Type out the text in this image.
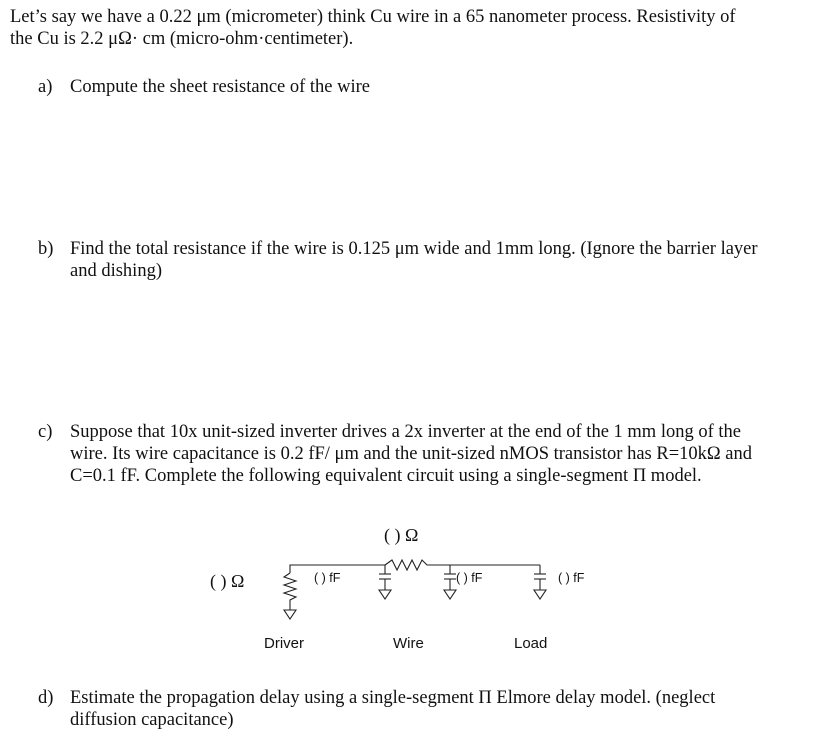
Let’s say we have a 0.22 μm (micrometer) think Cu wire in a 65 nanometer process. Resistivity of
the Cu is 2.2 μΩ· cm (micro-ohm·centimeter).
a) Compute the sheet resistance of the wire
b) Find the total resistance if the wire is 0.125 μm wide and 1mm long. (Ignore the barrier layer
and dishing)
c) Suppose that 10x unit-sized inverter drives a 2x inverter at the end of the 1 mm long of the
wire. Its wire capacitance is 0.2 fF/ μm and the unit-sized nMOS transistor has R=10kΩ and
C=0.1 fF. Complete the following equivalent circuit using a single-segment Π model.
( ) Ω
( ) Ω	( ) fF	( ) fF	( ) fF
Driver	Wire	Load
d) Estimate the propagation delay using a single-segment Π Elmore delay model. (neglect
diffusion capacitance)
